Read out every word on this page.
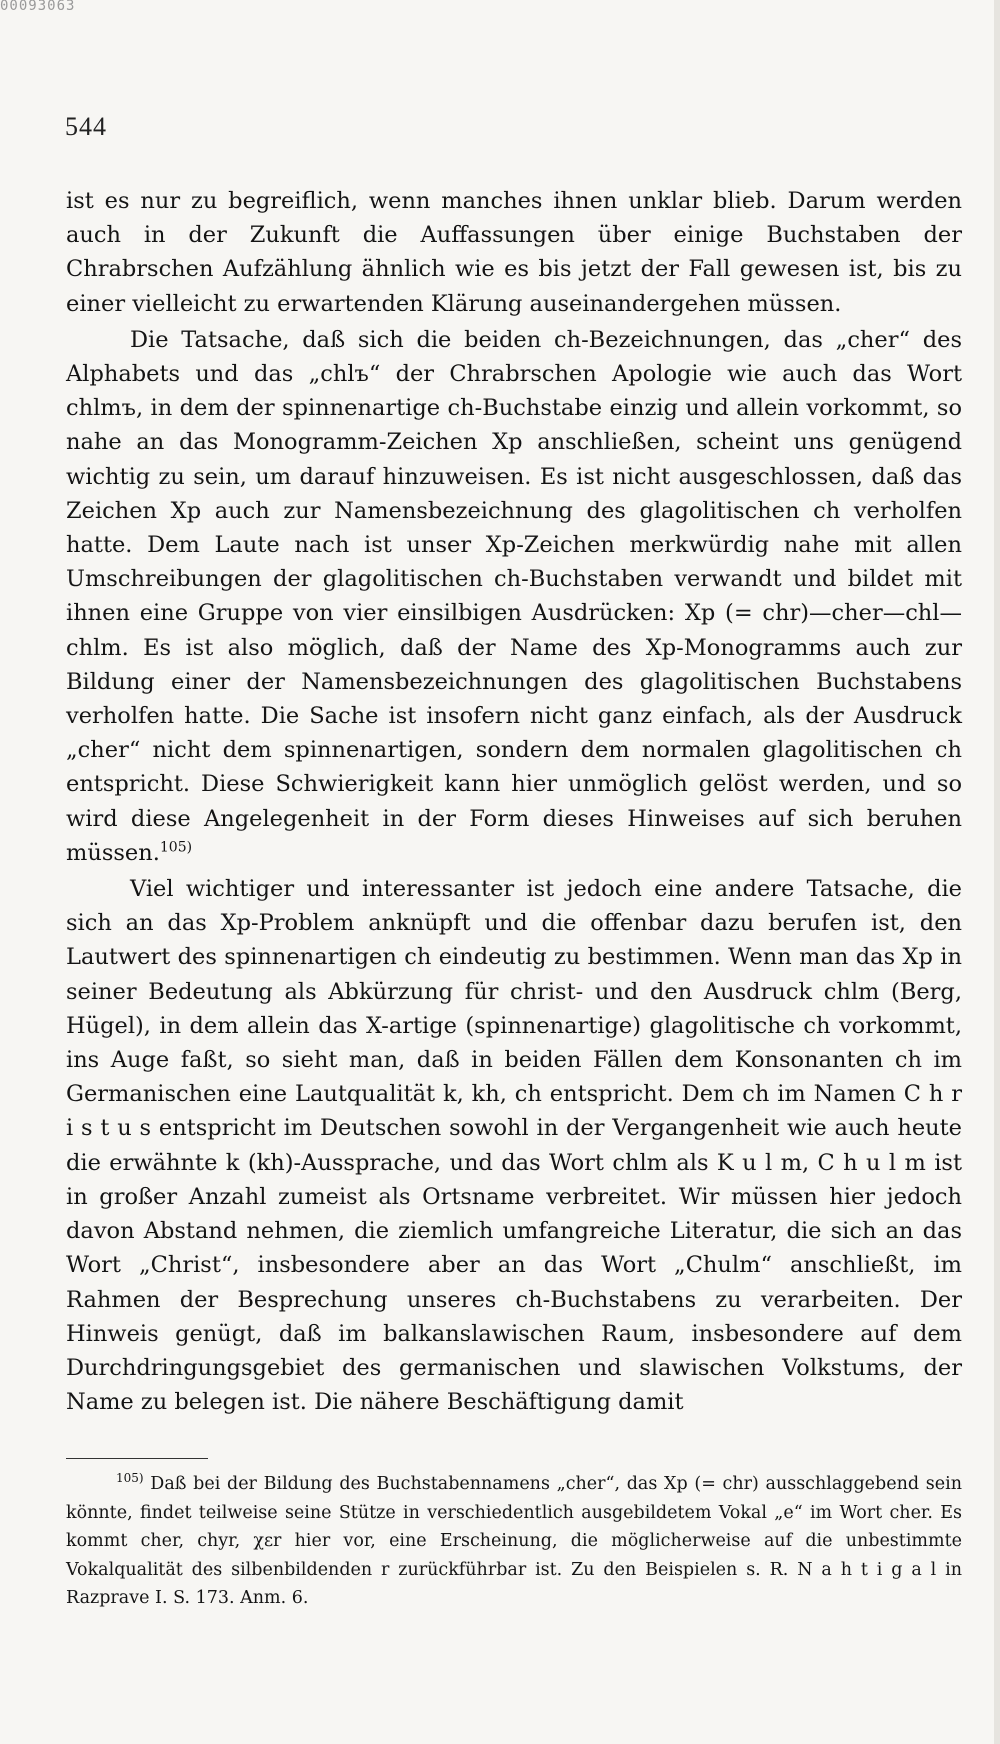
00093063
544

ist es nur zu begreiflich, wenn manches ihnen unklar blieb. Darum werden auch in der Zukunft die Auffassungen über einige Buchstaben der Chrabrschen Aufzählung ähnlich wie es bis jetzt der Fall gewesen ist, bis zu einer vielleicht zu erwartenden Klärung auseinandergehen müssen.

Die Tatsache, daß sich die beiden ch-Bezeichnungen, das „cher“ des Alphabets und das „chlъ“ der Chrabrschen Apologie wie auch das Wort chlmъ, in dem der spinnenartige ch-Buchstabe einzig und allein vorkommt, so nahe an das Monogramm-Zeichen Xp anschließen, scheint uns genügend wichtig zu sein, um darauf hinzuweisen. Es ist nicht ausgeschlossen, daß das Zeichen Xp auch zur Namensbezeichnung des glagolitischen ch verholfen hatte. Dem Laute nach ist unser Xp-Zeichen merkwürdig nahe mit allen Umschreibungen der glagolitischen ch-Buchstaben verwandt und bildet mit ihnen eine Gruppe von vier einsilbigen Ausdrücken: Xp (= chr)—cher—chl—chlm. Es ist also möglich, daß der Name des Xp-Monogramms auch zur Bildung einer der Namensbezeichnungen des glagolitischen Buchstabens verholfen hatte. Die Sache ist insofern nicht ganz einfach, als der Ausdruck „cher“ nicht dem spinnenartigen, sondern dem normalen glagolitischen ch entspricht. Diese Schwierigkeit kann hier unmöglich gelöst werden, und so wird diese Angelegenheit in der Form dieses Hinweises auf sich beruhen müssen.$^{105)}$

Viel wichtiger und interessanter ist jedoch eine andere Tatsache, die sich an das Xp-Problem anknüpft und die offenbar dazu berufen ist, den Lautwert des spinnenartigen ch eindeutig zu bestimmen. Wenn man das Xp in seiner Bedeutung als Abkürzung für christ- und den Ausdruck chlm (Berg, Hügel), in dem allein das X-artige (spinnenartige) glagolitische ch vorkommt, ins Auge faßt, so sieht man, daß in beiden Fällen dem Konsonanten ch im Germanischen eine Lautqualität k, kh, ch entspricht. Dem ch im Namen C h r i s t u s entspricht im Deutschen sowohl in der Vergangenheit wie auch heute die erwähnte k (kh)-Aussprache, und das Wort chlm als K u l m, C h u l m ist in großer Anzahl zumeist als Ortsname verbreitet. Wir müssen hier jedoch davon Abstand nehmen, die ziemlich umfangreiche Literatur, die sich an das Wort „Christ“, insbesondere aber an das Wort „Chulm“ anschließt, im Rahmen der Besprechung unseres ch-Buchstabens zu verarbeiten. Der Hinweis genügt, daß im balkanslawischen Raum, insbesondere auf dem Durchdringungsgebiet des germanischen und slawischen Volkstums, der Name zu belegen ist. Die nähere Beschäftigung damit

$^{105)}$ Daß bei der Bildung des Buchstabennamens „cher“, das Xp (= chr) ausschlaggebend sein könnte, findet teilweise seine Stütze in verschiedentlich ausgebildetem Vokal „e“ im Wort cher. Es kommt cher, chyr, χεr hier vor, eine Erscheinung, die möglicherweise auf die unbestimmte Vokalqualität des silbenbildenden r zurückführbar ist. Zu den Beispielen s. R. N a h t i g a l in Razprave I. S. 173. Anm. 6.
